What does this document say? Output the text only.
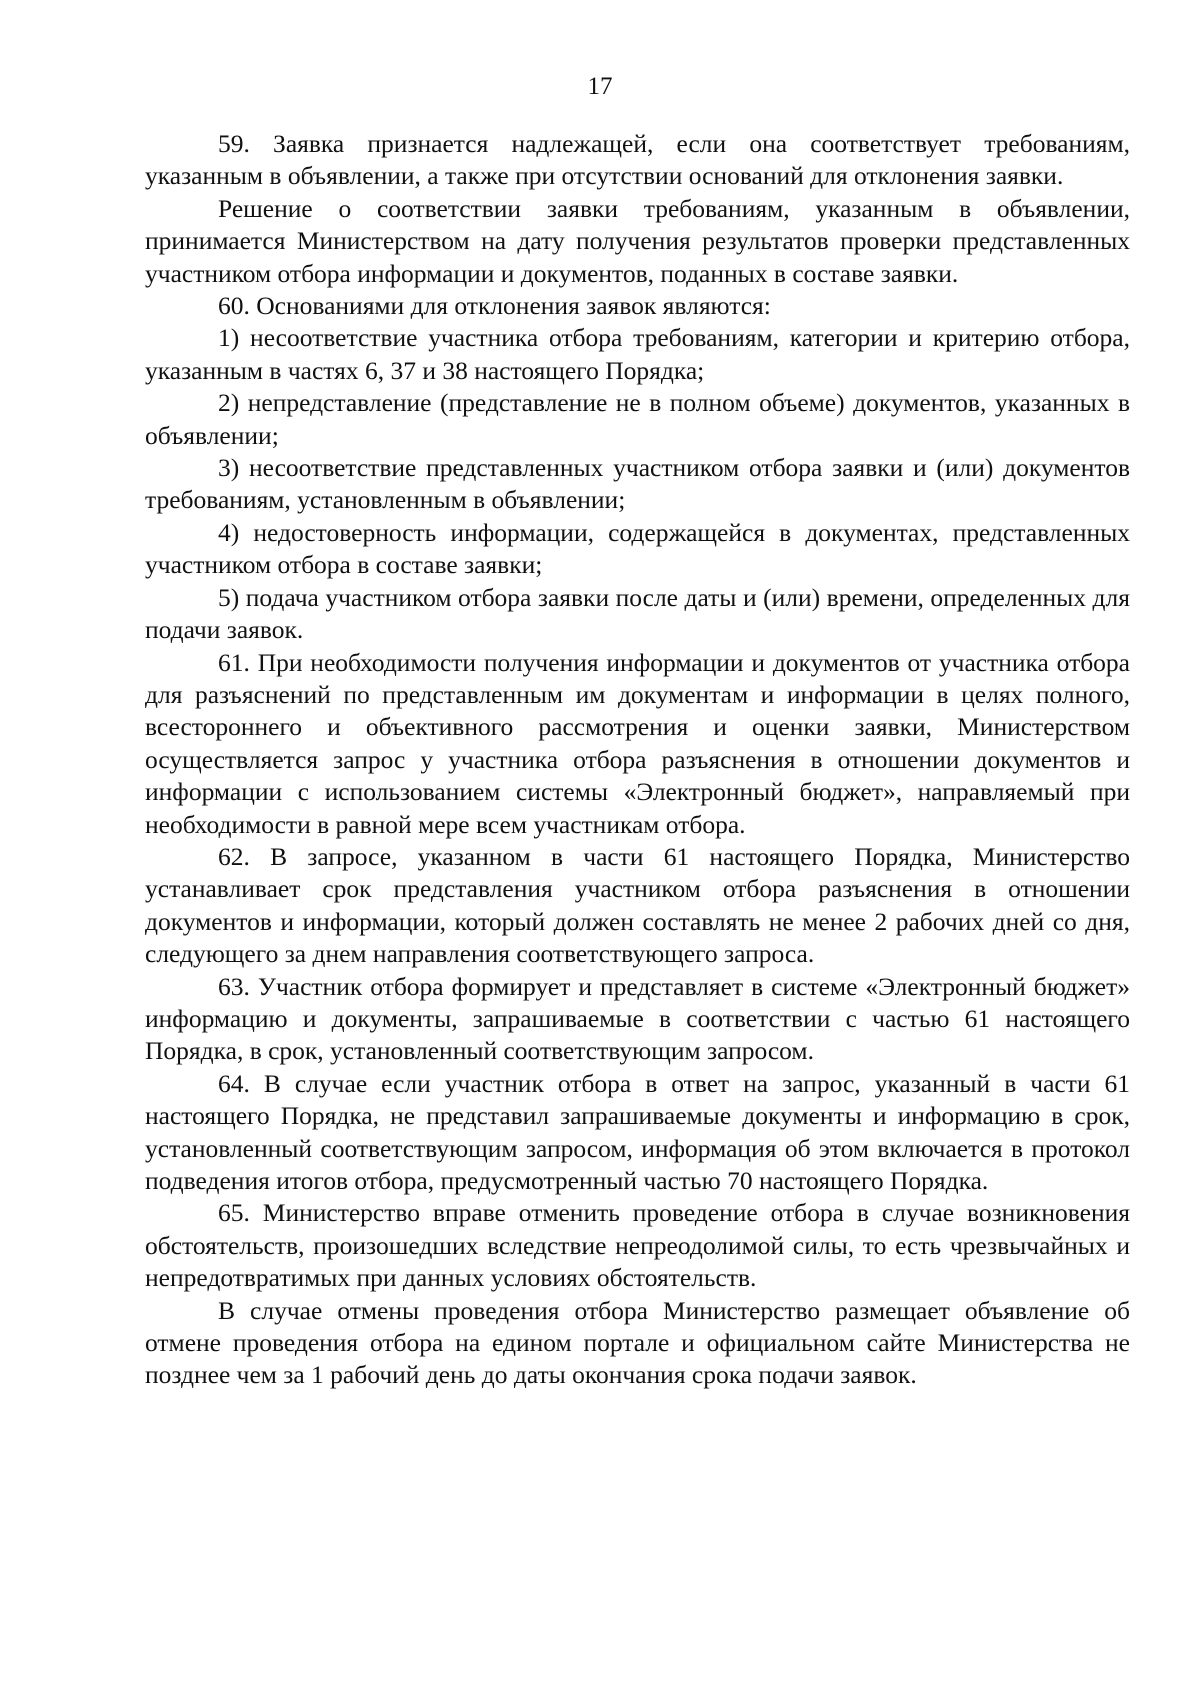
17

59. Заявка признается надлежащей, если она соответствует требованиям, указанным в объявлении, а также при отсутствии оснований для отклонения заявки.

Решение о соответствии заявки требованиям, указанным в объявлении, принимается Министерством на дату получения результатов проверки представленных участником отбора информации и документов, поданных в составе заявки.

60. Основаниями для отклонения заявок являются:

1) несоответствие участника отбора требованиям, категории и критерию отбора, указанным в частях 6, 37 и 38 настоящего Порядка;

2) непредставление (представление не в полном объеме) документов, указанных в объявлении;

3) несоответствие представленных участником отбора заявки и (или) документов требованиям, установленным в объявлении;

4) недостоверность информации, содержащейся в документах, представленных участником отбора в составе заявки;

5) подача участником отбора заявки после даты и (или) времени, определенных для подачи заявок.

61. При необходимости получения информации и документов от участника отбора для разъяснений по представленным им документам и информации в целях полного, всестороннего и объективного рассмотрения и оценки заявки, Министерством осуществляется запрос у участника отбора разъяснения в отношении документов и информации с использованием системы «Электронный бюджет», направляемый при необходимости в равной мере всем участникам отбора.

62. В запросе, указанном в части 61 настоящего Порядка, Министерство устанавливает срок представления участником отбора разъяснения в отношении документов и информации, который должен составлять не менее 2 рабочих дней со дня, следующего за днем направления соответствующего запроса.

63. Участник отбора формирует и представляет в системе «Электронный бюджет» информацию и документы, запрашиваемые в соответствии с частью 61 настоящего Порядка, в срок, установленный соответствующим запросом.

64. В случае если участник отбора в ответ на запрос, указанный в части 61 настоящего Порядка, не представил запрашиваемые документы и информацию в срок, установленный соответствующим запросом, информация об этом включается в протокол подведения итогов отбора, предусмотренный частью 70 настоящего Порядка.

65. Министерство вправе отменить проведение отбора в случае возникновения обстоятельств, произошедших вследствие непреодолимой силы, то есть чрезвычайных и непредотвратимых при данных условиях обстоятельств.

В случае отмены проведения отбора Министерство размещает объявление об отмене проведения отбора на едином портале и официальном сайте Министерства не позднее чем за 1 рабочий день до даты окончания срока подачи заявок.
